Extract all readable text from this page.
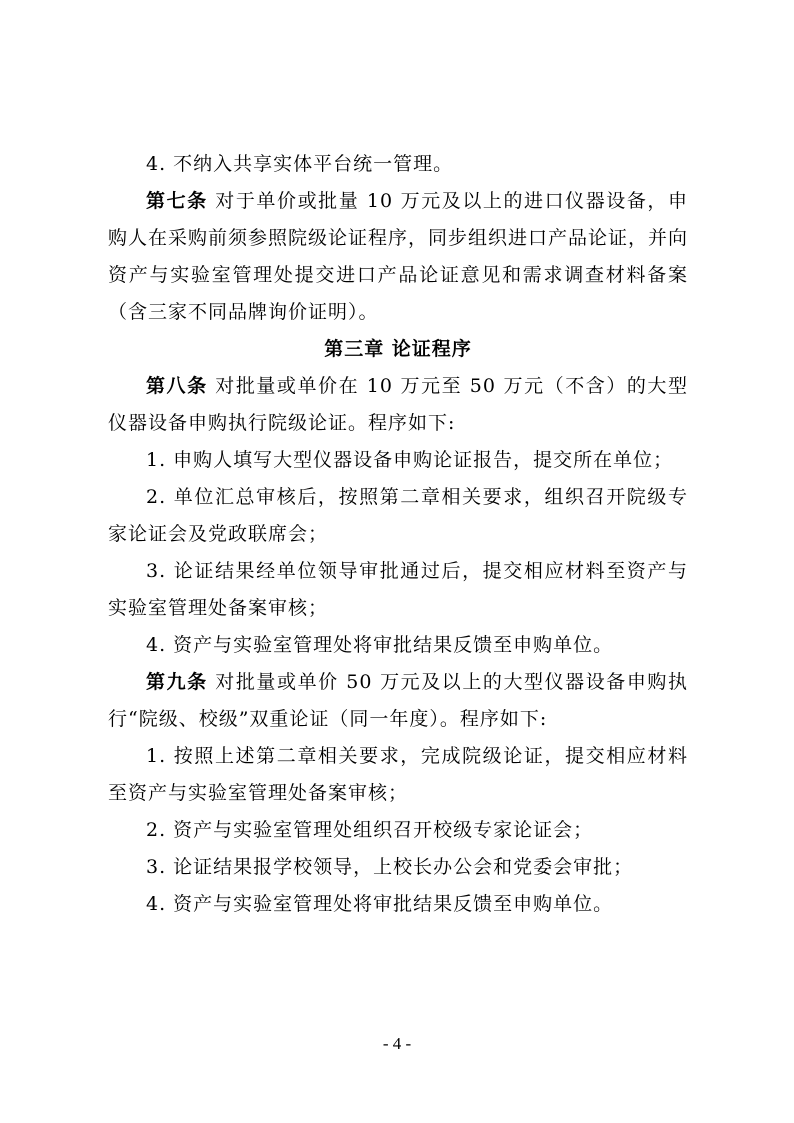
4. 不纳入共享实体平台统一管理。

第七条 对于单价或批量 10 万元及以上的进口仪器设备，申购人在采购前须参照院级论证程序，同步组织进口产品论证，并向资产与实验室管理处提交进口产品论证意见和需求调查材料备案（含三家不同品牌询价证明）。

第三章 论证程序

第八条 对批量或单价在 10 万元至 50 万元（不含）的大型仪器设备申购执行院级论证。程序如下:

1. 申购人填写大型仪器设备申购论证报告，提交所在单位；

2. 单位汇总审核后，按照第二章相关要求，组织召开院级专家论证会及党政联席会；

3. 论证结果经单位领导审批通过后，提交相应材料至资产与实验室管理处备案审核；

4. 资产与实验室管理处将审批结果反馈至申购单位。

第九条 对批量或单价 50 万元及以上的大型仪器设备申购执行“院级、校级”双重论证（同一年度）。程序如下:

1. 按照上述第二章相关要求，完成院级论证，提交相应材料至资产与实验室管理处备案审核；

2. 资产与实验室管理处组织召开校级专家论证会；

3. 论证结果报学校领导，上校长办公会和党委会审批；

4. 资产与实验室管理处将审批结果反馈至申购单位。

- 4 -
